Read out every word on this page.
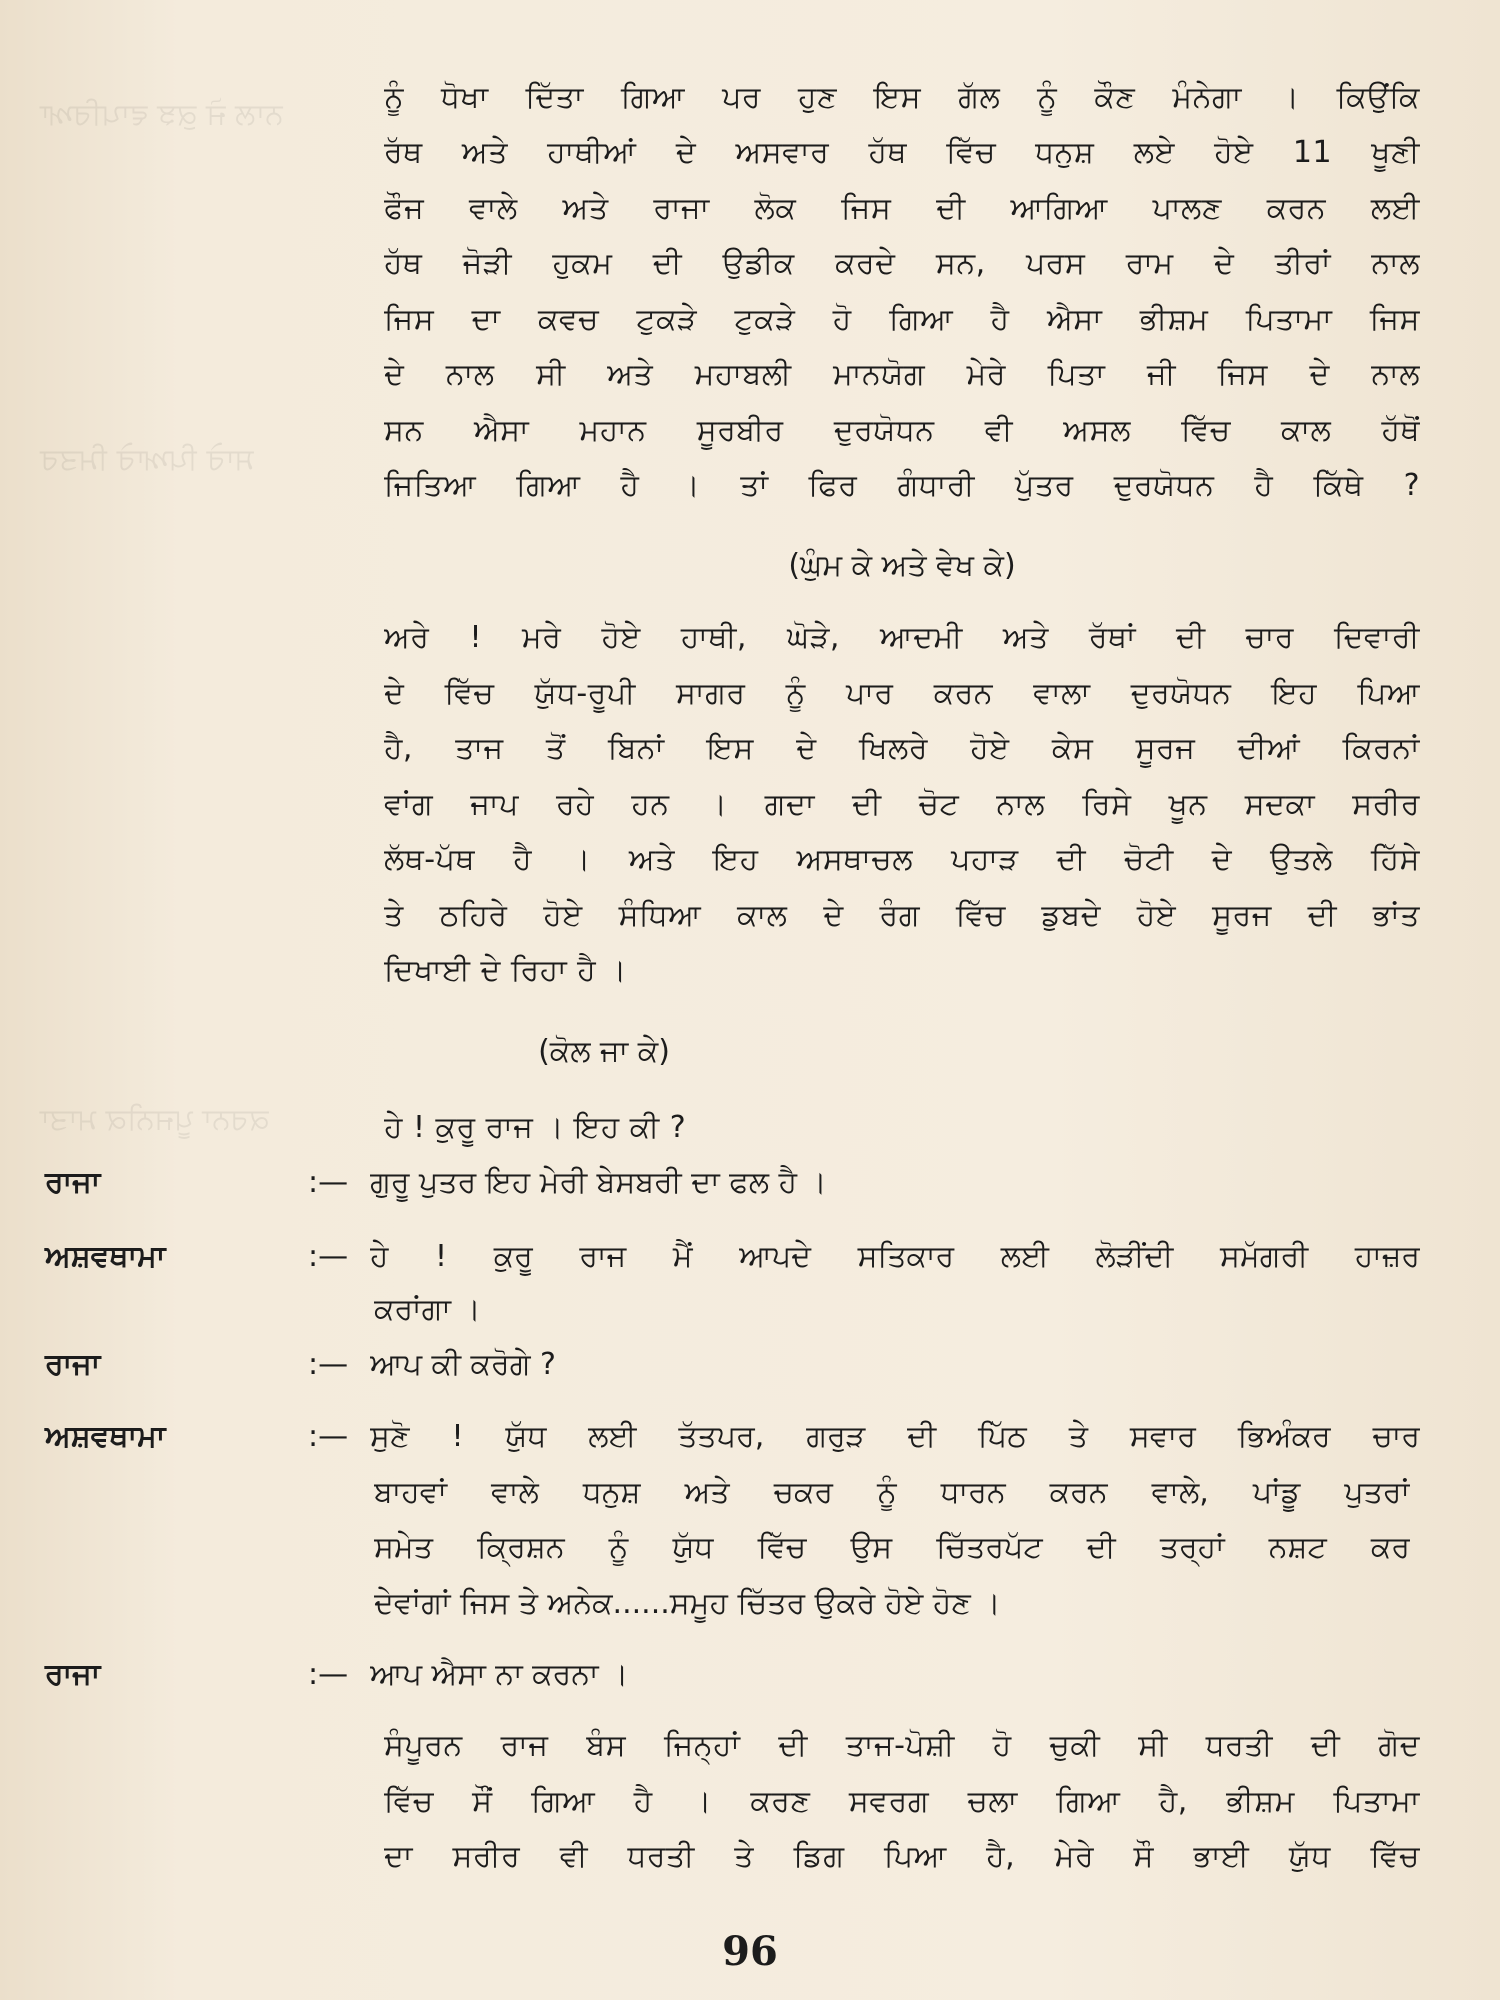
ਨਾਲ ਜੋ ਕੁਝ ਵਾਪਰਿਆ
ਸਾਰੇ ਪਿਆਰੇ ਮਿਤਰ
ਕਰਨਾ ਪੂਜਨੀਕ ਮਾਤਾ
ਨੂੰ ਧੋਖਾ ਦਿੱਤਾ ਗਿਆ ਪਰ ਹੁਣ ਇਸ ਗੱਲ ਨੂੰ ਕੌਣ ਮੰਨੇਗਾ । ਕਿਉਂਕਿ
ਰੱਥ ਅਤੇ ਹਾਥੀਆਂ ਦੇ ਅਸਵਾਰ ਹੱਥ ਵਿੱਚ ਧਨੁਸ਼ ਲਏ ਹੋਏ 11 ਖੂਣੀ
ਫੌਜ ਵਾਲੇ ਅਤੇ ਰਾਜਾ ਲੋਕ ਜਿਸ ਦੀ ਆਗਿਆ ਪਾਲਣ ਕਰਨ ਲਈ
ਹੱਥ ਜੋੜੀ ਹੁਕਮ ਦੀ ਉਡੀਕ ਕਰਦੇ ਸਨ, ਪਰਸ ਰਾਮ ਦੇ ਤੀਰਾਂ ਨਾਲ
ਜਿਸ ਦਾ ਕਵਚ ਟੁਕੜੇ ਟੁਕੜੇ ਹੋ ਗਿਆ ਹੈ ਐਸਾ ਭੀਸ਼ਮ ਪਿਤਾਮਾ ਜਿਸ
ਦੇ ਨਾਲ ਸੀ ਅਤੇ ਮਹਾਬਲੀ ਮਾਨਯੋਗ ਮੇਰੇ ਪਿਤਾ ਜੀ ਜਿਸ ਦੇ ਨਾਲ
ਸਨ ਐਸਾ ਮਹਾਨ ਸੂਰਬੀਰ ਦੁਰਯੋਧਨ ਵੀ ਅਸਲ ਵਿੱਚ ਕਾਲ ਹੱਥੋਂ
ਜਿਤਿਆ ਗਿਆ ਹੈ । ਤਾਂ ਫਿਰ ਗੰਧਾਰੀ ਪੁੱਤਰ ਦੁਰਯੋਧਨ ਹੈ ਕਿੱਥੇ ?
(ਘੁੰਮ ਕੇ ਅਤੇ ਵੇਖ ਕੇ)
ਅਰੇ ! ਮਰੇ ਹੋਏ ਹਾਥੀ, ਘੋੜੇ, ਆਦਮੀ ਅਤੇ ਰੱਥਾਂ ਦੀ ਚਾਰ ਦਿਵਾਰੀ
ਦੇ ਵਿੱਚ ਯੁੱਧ-ਰੂਪੀ ਸਾਗਰ ਨੂੰ ਪਾਰ ਕਰਨ ਵਾਲਾ ਦੁਰਯੋਧਨ ਇਹ ਪਿਆ
ਹੈ, ਤਾਜ ਤੋਂ ਬਿਨਾਂ ਇਸ ਦੇ ਖਿਲਰੇ ਹੋਏ ਕੇਸ ਸੂਰਜ ਦੀਆਂ ਕਿਰਨਾਂ
ਵਾਂਗ ਜਾਪ ਰਹੇ ਹਨ । ਗਦਾ ਦੀ ਚੋਟ ਨਾਲ ਰਿਸੇ ਖੂਨ ਸਦਕਾ ਸਰੀਰ
ਲੱਥ-ਪੱਥ ਹੈ । ਅਤੇ ਇਹ ਅਸਥਾਚਲ ਪਹਾੜ ਦੀ ਚੋਟੀ ਦੇ ਉਤਲੇ ਹਿੱਸੇ
ਤੇ ਠਹਿਰੇ ਹੋਏ ਸੰਧਿਆ ਕਾਲ ਦੇ ਰੰਗ ਵਿੱਚ ਡੁਬਦੇ ਹੋਏ ਸੂਰਜ ਦੀ ਭਾਂਤ
ਦਿਖਾਈ ਦੇ ਰਿਹਾ ਹੈ ।
(ਕੋਲ ਜਾ ਕੇ)
ਹੇ ! ਕੁਰੂ ਰਾਜ । ਇਹ ਕੀ ?
ਰਾਜਾ	:— ਗੁਰੂ ਪੁਤਰ ਇਹ ਮੇਰੀ ਬੇਸਬਰੀ ਦਾ ਫਲ ਹੈ ।
ਅਸ਼ਵਥਾਮਾ	:— ਹੇ ! ਕੁਰੂ ਰਾਜ ਮੈਂ ਆਪਦੇ ਸਤਿਕਾਰ ਲਈ ਲੋੜੀਂਦੀ ਸਮੱਗਰੀ ਹਾਜ਼ਰ
ਕਰਾਂਗਾ ।
ਰਾਜਾ	:— ਆਪ ਕੀ ਕਰੋਗੇ ?
ਅਸ਼ਵਥਾਮਾ	:— ਸੁਣੋ ! ਯੁੱਧ ਲਈ ਤੱਤਪਰ, ਗਰੁੜ ਦੀ ਪਿੱਠ ਤੇ ਸਵਾਰ ਭਿਅੰਕਰ ਚਾਰ
ਬਾਹਵਾਂ ਵਾਲੇ ਧਨੁਸ਼ ਅਤੇ ਚਕਰ ਨੂੰ ਧਾਰਨ ਕਰਨ ਵਾਲੇ, ਪਾਂਡੂ ਪੁਤਰਾਂ
ਸਮੇਤ ਕ੍ਰਿਸ਼ਨ ਨੂੰ ਯੁੱਧ ਵਿੱਚ ਉਸ ਚਿੱਤਰਪੱਟ ਦੀ ਤਰ੍ਹਾਂ ਨਸ਼ਟ ਕਰ
ਦੇਵਾਂਗਾਂ ਜਿਸ ਤੇ ਅਨੇਕ......ਸਮੂਹ ਚਿੱਤਰ ਉਕਰੇ ਹੋਏ ਹੋਣ ।
ਰਾਜਾ	:— ਆਪ ਐਸਾ ਨਾ ਕਰਨਾ ।
ਸੰਪੂਰਨ ਰਾਜ ਬੰਸ ਜਿਨ੍ਹਾਂ ਦੀ ਤਾਜ-ਪੋਸ਼ੀ ਹੋ ਚੁਕੀ ਸੀ ਧਰਤੀ ਦੀ ਗੋਦ
ਵਿੱਚ ਸੌਂ ਗਿਆ ਹੈ । ਕਰਣ ਸਵਰਗ ਚਲਾ ਗਿਆ ਹੈ, ਭੀਸ਼ਮ ਪਿਤਾਮਾ
ਦਾ ਸਰੀਰ ਵੀ ਧਰਤੀ ਤੇ ਡਿਗ ਪਿਆ ਹੈ, ਮੇਰੇ ਸੌ ਭਾਈ ਯੁੱਧ ਵਿੱਚ
96
